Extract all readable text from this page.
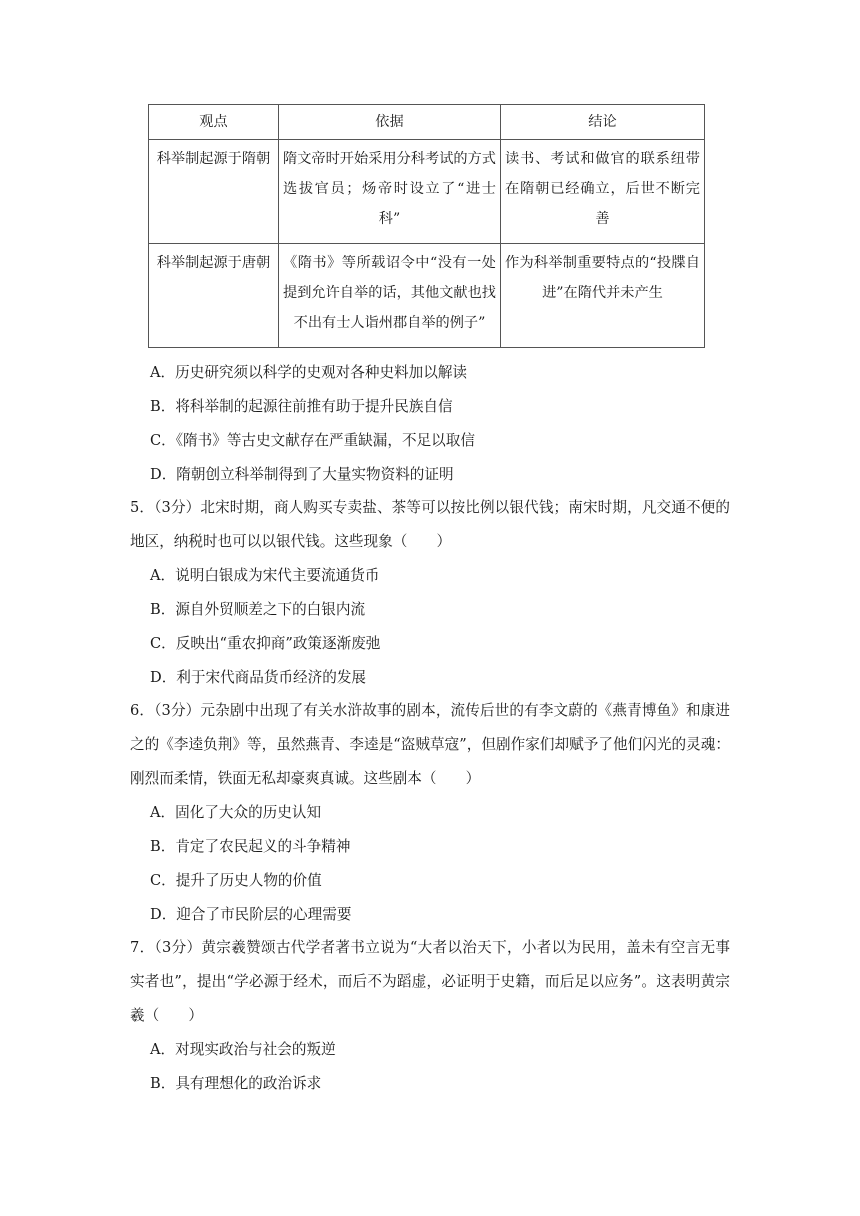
观点	依据	结论
科举制起源于隋朝	隋文帝时开始采用分科考试的方式选拔官员；炀帝时设立了“进士科”	读书、考试和做官的联系纽带在隋朝已经确立，后世不断完善
科举制起源于唐朝	《隋书》等所载诏令中“没有一处提到允许自举的话，其他文献也找不出有士人诣州郡自举的例子”	作为科举制重要特点的“投牒自进”在隋代并未产生
A．历史研究须以科学的史观对各种史料加以解读
B．将科举制的起源往前推有助于提升民族自信
C．《隋书》等古史文献存在严重缺漏，不足以取信
D．隋朝创立科举制得到了大量实物资料的证明
5．（3分）北宋时期，商人购买专卖盐、茶等可以按比例以银代钱；南宋时期，凡交通不便的地区，纳税时也可以以银代钱。这些现象（　　）
A．说明白银成为宋代主要流通货币
B．源自外贸顺差之下的白银内流
C．反映出“重农抑商”政策逐渐废弛
D．利于宋代商品货币经济的发展
6．（3分）元杂剧中出现了有关水浒故事的剧本，流传后世的有李文蔚的《燕青博鱼》和康进之的《李逵负荆》等，虽然燕青、李逵是“盗贼草寇”，但剧作家们却赋予了他们闪光的灵魂：刚烈而柔情，铁面无私却豪爽真诚。这些剧本（　　）
A．固化了大众的历史认知
B．肯定了农民起义的斗争精神
C．提升了历史人物的价值
D．迎合了市民阶层的心理需要
7．（3分）黄宗羲赞颂古代学者著书立说为“大者以治天下，小者以为民用，盖未有空言无事实者也”，提出“学必源于经术，而后不为蹈虚，必证明于史籍，而后足以应务”。这表明黄宗羲（　　）
A．对现实政治与社会的叛逆
B．具有理想化的政治诉求
